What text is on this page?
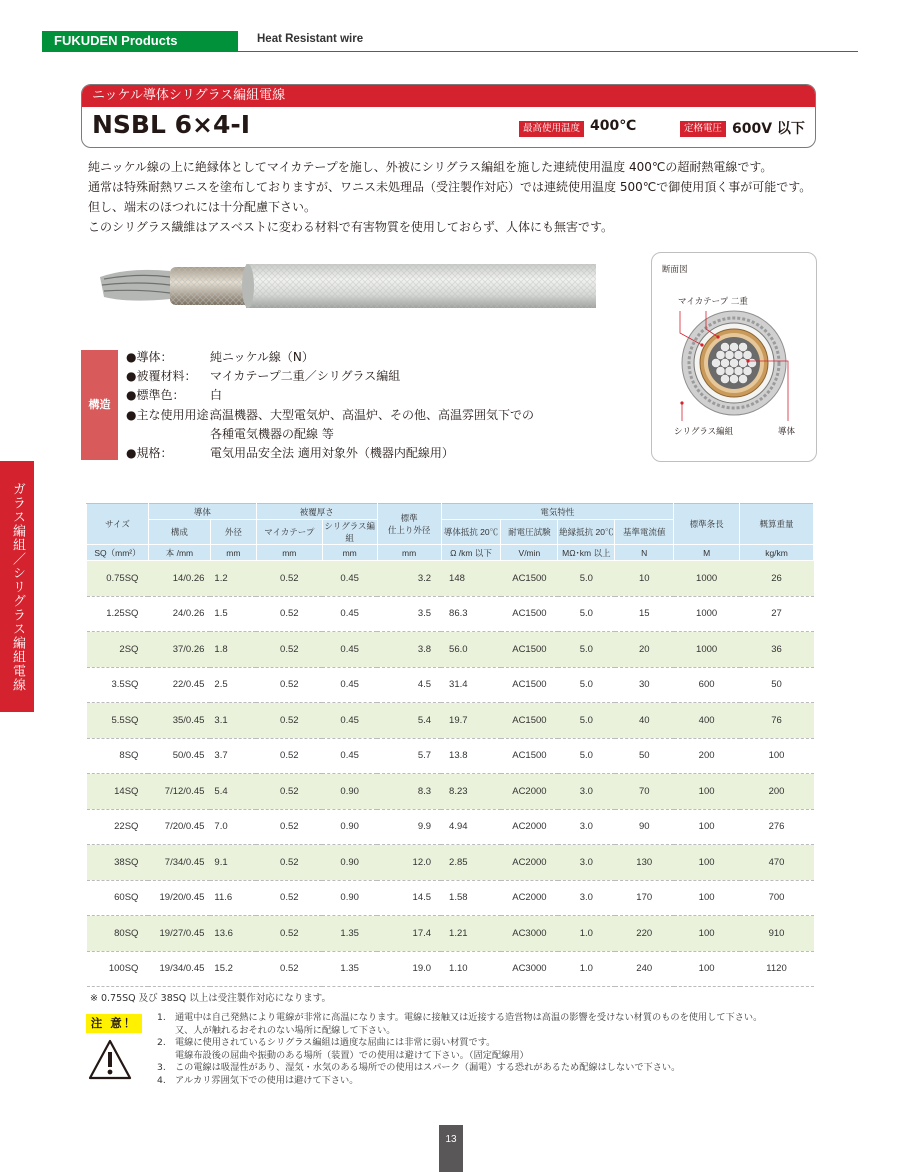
FUKUDEN Products CATALOG
Heat Resistant wire
ニッケル導体シリグラス編組電線
NSBL 6×4-Ⅰ	最高使用温度 400℃	定格電圧 600V 以下
純ニッケル線の上に絶縁体としてマイカテープを施し、外被にシリグラス編組を施した連続使用温度 400℃の超耐熱電線です。
通常は特殊耐熱ワニスを塗布しておりますが、ワニス未処理品（受注製作対応）では連続使用温度 500℃で御使用頂く事が可能です。
但し、端末のほつれには十分配慮下さい。
このシリグラス繊維はアスベストに変わる材料で有害物質を使用しておらず、人体にも無害です。
断面図
マイカテープ 二重
シリグラス編組	導体
構造
●導体：	純ニッケル線（N）
●被覆材料：	マイカテープ二重／シリグラス編組
●標準色：	白
●主な使用用途：
高温機器、大型電気炉、高温炉、その他、高温雰囲気下での
各種電気機器の配線 等
●規格：	電気用品安全法 適用対象外（機器内配線用）
ガラス編組／シリグラス編組電線	サイズ	導体		被覆厚さ		標準
仕上り外径	電気特性				標準条長	概算重量
	構成	外径	マイカテープ	シリグラス編組		導体抵抗 20℃	耐電圧試験	絶縁抵抗 20℃	基準電流値		
SQ（mm²）	本 /mm	mm	mm	mm	mm	Ω /km 以下	V/min	MΩ･km 以上	N	M	kg/km
0.75SQ	14/0.26	1.2	0.52	0.45	3.2	148	AC1500	5.0	10	1000	26
1.25SQ	24/0.26	1.5	0.52	0.45	3.5	86.3	AC1500	5.0	15	1000	27
2SQ	37/0.26	1.8	0.52	0.45	3.8	56.0	AC1500	5.0	20	1000	36
3.5SQ	22/0.45	2.5	0.52	0.45	4.5	31.4	AC1500	5.0	30	600	50
5.5SQ	35/0.45	3.1	0.52	0.45	5.4	19.7	AC1500	5.0	40	400	76
8SQ	50/0.45	3.7	0.52	0.45	5.7	13.8	AC1500	5.0	50	200	100
14SQ	7/12/0.45	5.4	0.52	0.90	8.3	8.23	AC2000	3.0	70	100	200
22SQ	7/20/0.45	7.0	0.52	0.90	9.9	4.94	AC2000	3.0	90	100	276
38SQ	7/34/0.45	9.1	0.52	0.90	12.0	2.85	AC2000	3.0	130	100	470
60SQ	19/20/0.45	11.6	0.52	0.90	14.5	1.58	AC2000	3.0	170	100	700
80SQ	19/27/0.45	13.6	0.52	1.35	17.4	1.21	AC3000	1.0	220	100	910
100SQ	19/34/0.45	15.2	0.52	1.35	19.0	1.10	AC3000	1.0	240	100	1120
※ 0.75SQ 及び 38SQ 以上は受注製作対応になります。
注 意！	1.	通電中は自己発熱により電線が非常に高温になります。電線に接触又は近接する造営物は高温の影響を受けない材質のものを使用して下さい。
又、人が触れるおそれのない場所に配線して下さい。
2.	電線に使用されているシリグラス編組は過度な屈曲には非常に弱い材質です。
電線布設後の屈曲や振動のある場所（装置）での使用は避けて下さい。（固定配線用）
3.	この電線は吸湿性があり、湿気・水気のある場所での使用はスパーク（漏電）する恐れがあるため配線はしないで下さい。
4.	アルカリ雰囲気下での使用は避けて下さい。
13
